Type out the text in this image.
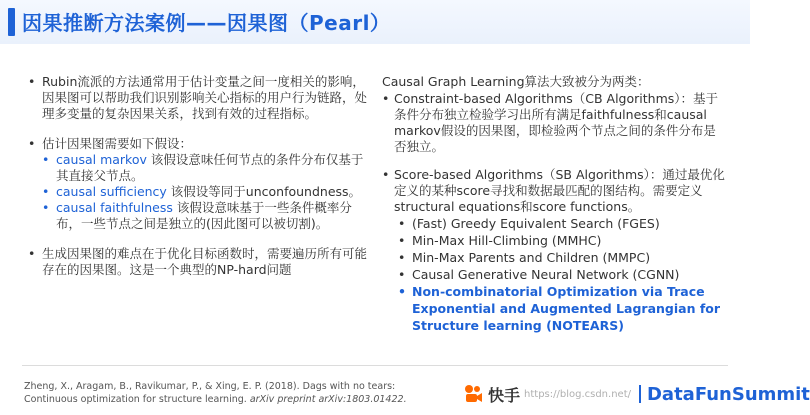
因果推断方法案例——因果图（Pearl）
• Rubin流派的方法通常用于估计变量之间一度相关的影响，因果图可以帮助我们识别影响关心指标的用户行为链路，处理多变量的复杂因果关系，找到有效的过程指标。
• 估计因果图需要如下假设：
• causal markov 该假设意味任何节点的条件分布仅基于其直接父节点。
• causal sufficiency 该假设等同于unconfoundness。
• causal faithfulness 该假设意味基于一些条件概率分布，一些节点之间是独立的(因此图可以被切割)。
• 生成因果图的难点在于优化目标函数时，需要遍历所有可能存在的因果图。这是一个典型的NP-hard问题
Causal Graph Learning算法大致被分为两类：
• Constraint-based Algorithms（CB Algorithms）：基于条件分布独立检验学习出所有满足faithfulness和causal markov假设的因果图，即检验两个节点之间的条件分布是否独立。
• Score-based Algorithms（SB Algorithms）：通过最优化定义的某种score寻找和数据最匹配的图结构。需要定义structural equations和score functions。
• (Fast) Greedy Equivalent Search (FGES)
• Min-Max Hill-Climbing (MMHC)
• Min-Max Parents and Children (MMPC)
• Causal Generative Neural Network (CGNN)
• Non-combinatorial Optimization via Trace Exponential and Augmented Lagrangian for Structure learning (NOTEARS)
Zheng, X., Aragam, B., Ravikumar, P., & Xing, E. P. (2018). Dags with no tears: Continuous optimization for structure learning. arXiv preprint arXiv:1803.01422.	快手 https://blog.csdn.net/ DataFunSummit
